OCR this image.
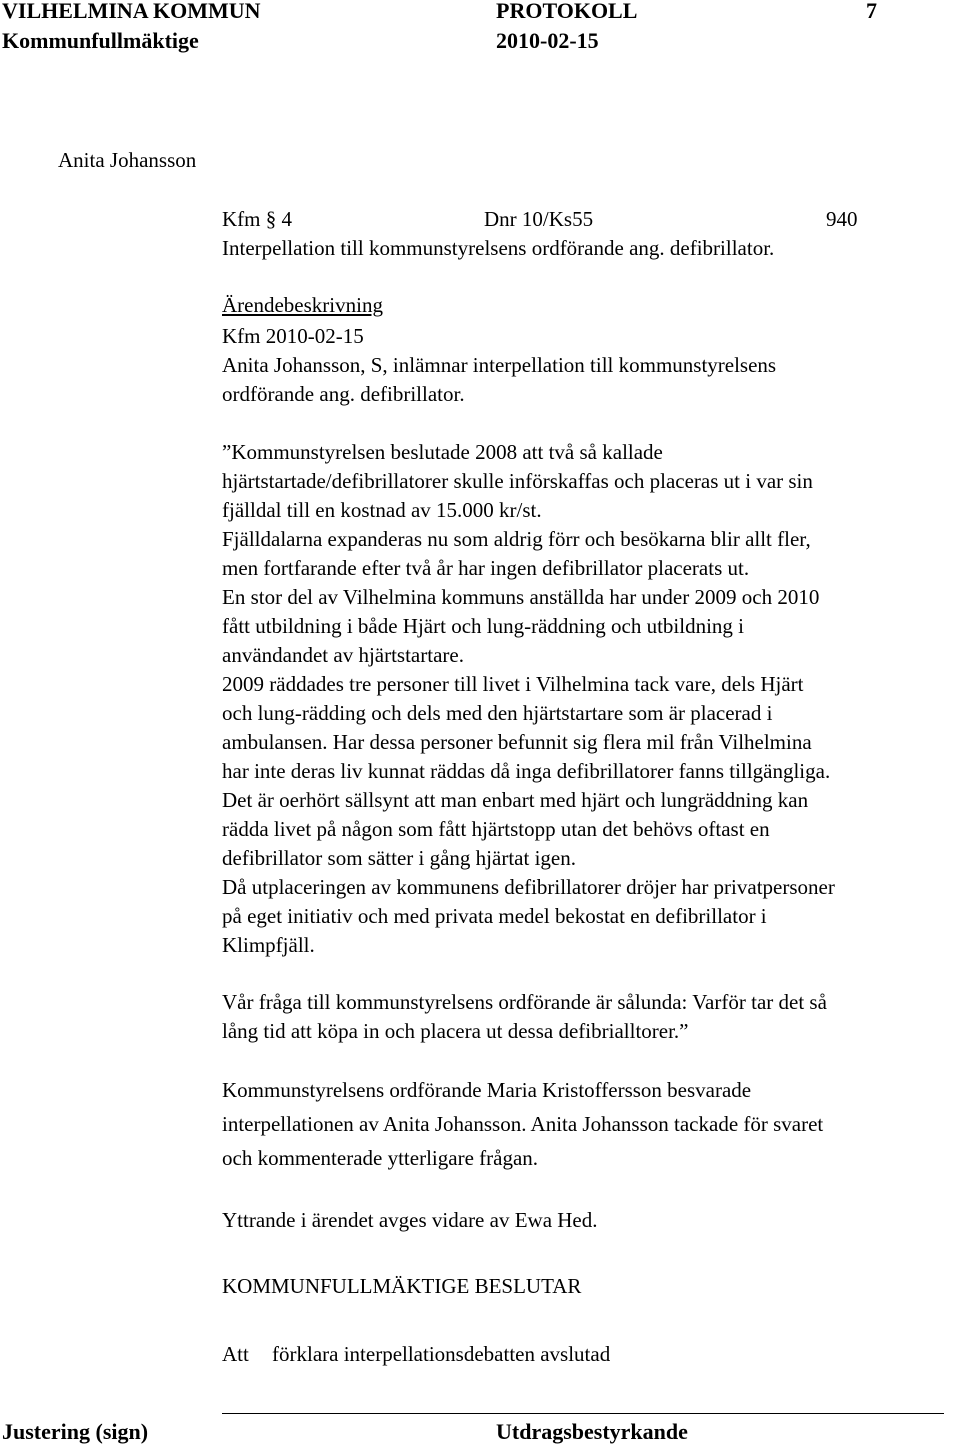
VILHELMINA KOMMUN	PROTOKOLL	7
Kommunfullmäktige	2010-02-15
Anita Johansson
Kfm § 4	Dnr 10/Ks55	940
Interpellation till kommunstyrelsens ordförande ang. defibrillator.
Ärendebeskrivning
Kfm 2010-02-15
Anita Johansson, S, inlämnar interpellation till kommunstyrelsens
ordförande ang. defibrillator.
”Kommunstyrelsen beslutade 2008 att två så kallade
hjärtstartade/defibrillatorer skulle införskaffas och placeras ut i var sin
fjälldal till en kostnad av 15.000 kr/st.
Fjälldalarna expanderas nu som aldrig förr och besökarna blir allt fler,
men fortfarande efter två år har ingen defibrillator placerats ut.
En stor del av Vilhelmina kommuns anställda har under 2009 och 2010
fått utbildning i både Hjärt och lung-räddning och utbildning i
användandet av hjärtstartare.
2009 räddades tre personer till livet i Vilhelmina tack vare, dels Hjärt
och lung-rädding och dels med den hjärtstartare som är placerad i
ambulansen. Har dessa personer befunnit sig flera mil från Vilhelmina
har inte deras liv kunnat räddas då inga defibrillatorer fanns tillgängliga.
Det är oerhört sällsynt att man enbart med hjärt och lungräddning kan
rädda livet på någon som fått hjärtstopp utan det behövs oftast en
defibrillator som sätter i gång hjärtat igen.
Då utplaceringen av kommunens defibrillatorer dröjer har privatpersoner
på eget initiativ och med privata medel bekostat en defibrillator i
Klimpfjäll.
Vår fråga till kommunstyrelsens ordförande är sålunda: Varför tar det så
lång tid att köpa in och placera ut dessa defibrialltorer.”
Kommunstyrelsens ordförande Maria Kristoffersson besvarade
interpellationen av Anita Johansson. Anita Johansson tackade för svaret
och kommenterade ytterligare frågan.
Yttrande i ärendet avges vidare av Ewa Hed.
KOMMUNFULLMÄKTIGE BESLUTAR
Att förklara interpellationsdebatten avslutad
Justering (sign)	Utdragsbestyrkande
